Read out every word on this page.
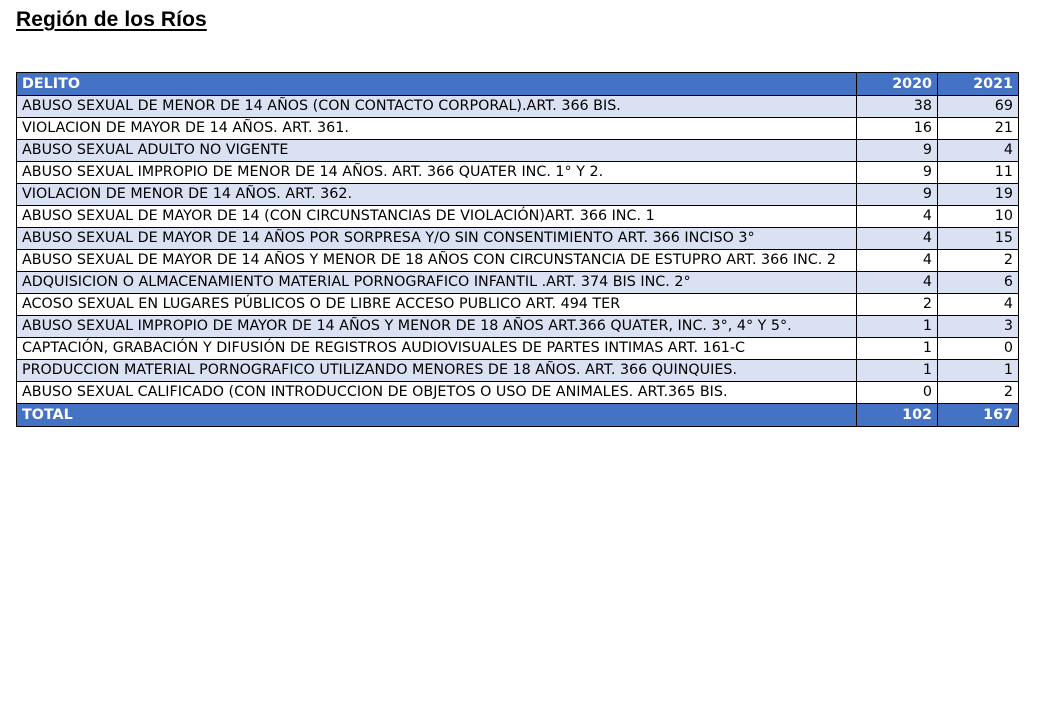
Región de los Ríos
DELITO	2020	2021
ABUSO SEXUAL DE MENOR DE 14 AÑOS (CON CONTACTO CORPORAL).ART. 366 BIS.	38	69
VIOLACION DE MAYOR DE 14 AÑOS. ART. 361.	16	21
ABUSO SEXUAL ADULTO NO VIGENTE	9	4
ABUSO SEXUAL IMPROPIO DE MENOR DE 14 AÑOS. ART. 366 QUATER INC. 1° Y 2.	9	11
VIOLACION DE MENOR DE 14 AÑOS. ART. 362.	9	19
ABUSO SEXUAL DE MAYOR DE 14 (CON CIRCUNSTANCIAS DE VIOLACIÓN)ART. 366 INC. 1	4	10
ABUSO SEXUAL DE MAYOR DE 14 AÑOS POR SORPRESA Y/O SIN CONSENTIMIENTO ART. 366 INCISO 3°	4	15
ABUSO SEXUAL DE MAYOR DE 14 AÑOS Y MENOR DE 18 AÑOS CON CIRCUNSTANCIA DE ESTUPRO ART. 366 INC. 2	4	2
ADQUISICION O ALMACENAMIENTO MATERIAL PORNOGRAFICO INFANTIL .ART. 374 BIS INC. 2°	4	6
ACOSO SEXUAL EN LUGARES PÚBLICOS O DE LIBRE ACCESO PUBLICO ART. 494 TER	2	4
ABUSO SEXUAL IMPROPIO DE MAYOR DE 14 AÑOS Y MENOR DE 18 AÑOS ART.366 QUATER, INC. 3°, 4° Y 5°.	1	3
CAPTACIÓN, GRABACIÓN Y DIFUSIÓN DE REGISTROS AUDIOVISUALES DE PARTES INTIMAS ART. 161-C	1	0
PRODUCCION MATERIAL PORNOGRAFICO UTILIZANDO MENORES DE 18 AÑOS. ART. 366 QUINQUIES.	1	1
ABUSO SEXUAL CALIFICADO (CON INTRODUCCION DE OBJETOS O USO DE ANIMALES. ART.365 BIS.	0	2
TOTAL	102	167
